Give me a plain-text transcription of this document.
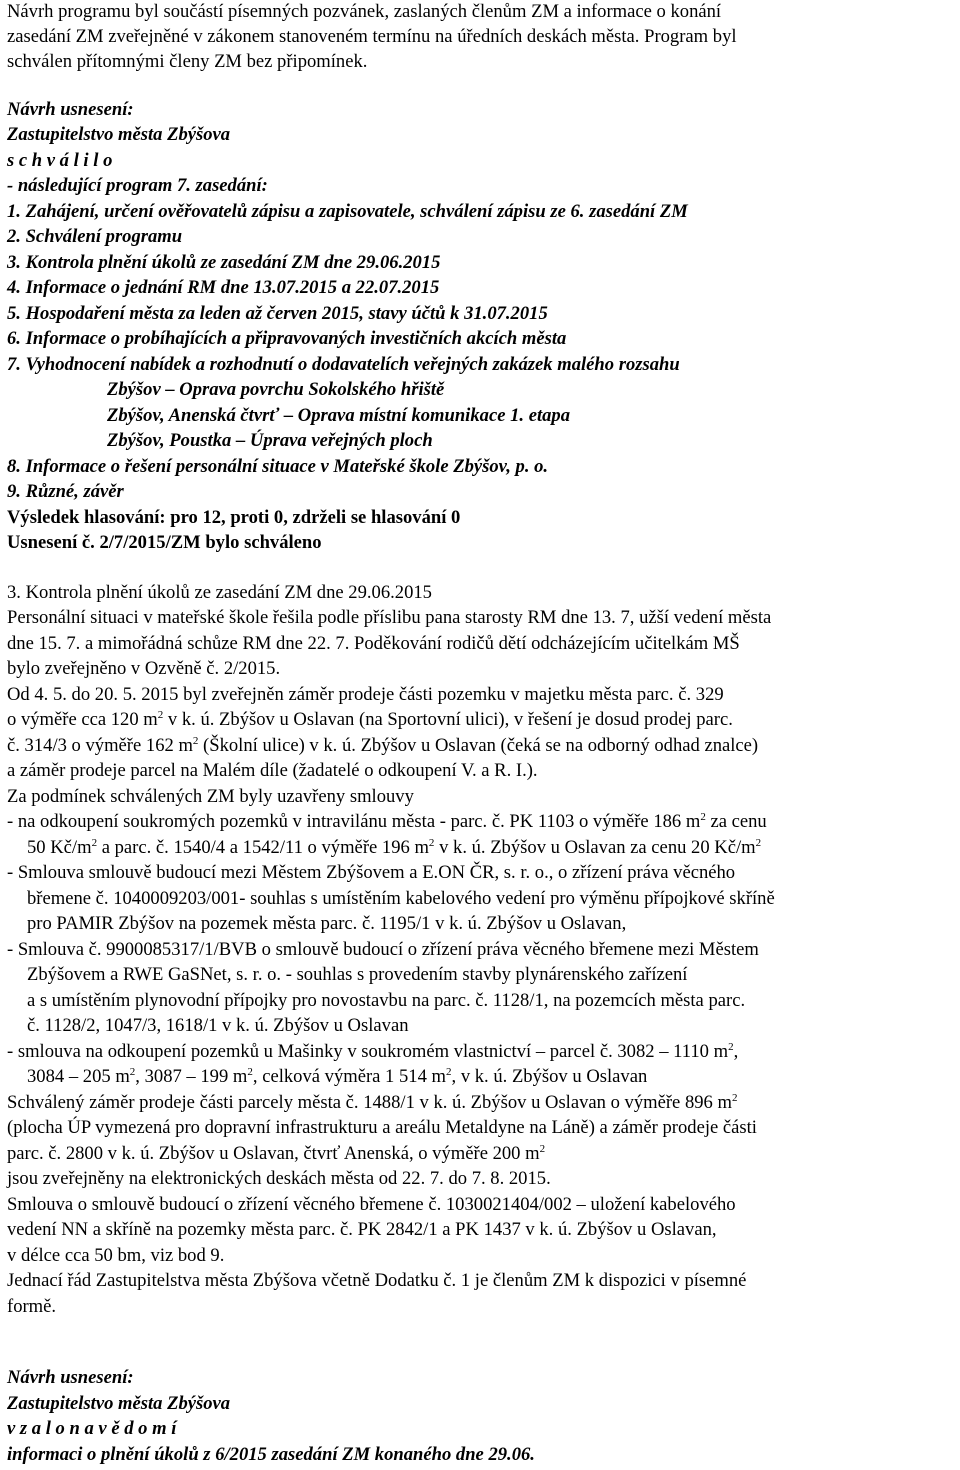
Návrh programu byl součástí písemných pozvánek, zaslaných členům ZM a informace o konání
zasedání ZM zveřejněné v zákonem stanoveném termínu na úředních deskách města. Program byl
schválen přítomnými členy ZM bez připomínek.
Návrh usnesení:
Zastupitelstvo města Zbýšova
s c h v á l i l o
- následující program 7. zasedání:
1. Zahájení, určení ověřovatelů zápisu a zapisovatele, schválení zápisu ze 6. zasedání ZM
2. Schválení programu
3. Kontrola plnění úkolů ze zasedání ZM dne 29.06.2015
4. Informace o jednání RM dne 13.07.2015 a 22.07.2015
5. Hospodaření města za leden až červen 2015, stavy účtů k 31.07.2015
6. Informace o probíhajících a připravovaných investičních akcích města
7. Vyhodnocení nabídek a rozhodnutí o dodavatelích veřejných zakázek malého rozsahu
Zbýšov – Oprava povrchu Sokolského hřiště
Zbýšov, Anenská čtvrť – Oprava místní komunikace 1. etapa
Zbýšov, Poustka – Úprava veřejných ploch
8. Informace o řešení personální situace v Mateřské škole Zbýšov, p. o.
9. Různé, závěr
Výsledek hlasování: pro 12, proti 0, zdrželi se hlasování 0
Usnesení č. 2/7/2015/ZM bylo schváleno
3. Kontrola plnění úkolů ze zasedání ZM dne 29.06.2015
Personální situaci v mateřské škole řešila podle příslibu pana starosty RM dne 13. 7, užší vedení města
dne 15. 7. a mimořádná schůze RM dne 22. 7. Poděkování rodičů dětí odcházejícím učitelkám MŠ
bylo zveřejněno v Ozvěně č. 2/2015.
Od 4. 5. do 20. 5. 2015 byl zveřejněn záměr prodeje části pozemku v majetku města parc. č. 329
o výměře cca 120 $m^2$ v k. ú. Zbýšov u Oslavan (na Sportovní ulici), v řešení je dosud prodej parc.
č. 314/3 o výměře 162 $m^2$ (Školní ulice) v k. ú. Zbýšov u Oslavan (čeká se na odborný odhad znalce)
a záměr prodeje parcel na Malém díle (žadatelé o odkoupení V. a R. I.).
Za podmínek schválených ZM byly uzavřeny smlouvy
- na odkoupení soukromých pozemků v intravilánu města - parc. č. PK 1103 o výměře 186 $m^2$ za cenu
50 $Kč/m^2$ a parc. č. 1540/4 a 1542/11 o výměře 196 $m^2$ v k. ú. Zbýšov u Oslavan za cenu 20 $Kč/m^2$
- Smlouva smlouvě budoucí mezi Městem Zbýšovem a E.ON ČR, s. r. o., o zřízení práva věcného
břemene č. 1040009203/001- souhlas s umístěním kabelového vedení pro výměnu přípojkové skříně
pro PAMIR Zbýšov na pozemek města parc. č. 1195/1 v k. ú. Zbýšov u Oslavan,
- Smlouva č. 9900085317/1/BVB o smlouvě budoucí o zřízení práva věcného břemene mezi Městem
Zbýšovem a RWE GaSNet, s. r. o. - souhlas s provedením stavby plynárenského zařízení
a s umístěním plynovodní přípojky pro novostavbu na parc. č. 1128/1, na pozemcích města parc.
č. 1128/2, 1047/3, 1618/1 v k. ú. Zbýšov u Oslavan
- smlouva na odkoupení pozemků u Mašinky v soukromém vlastnictví – parcel č. 3082 – 1110 $m^2$,
3084 – 205 $m^2$, 3087 – 199 $m^2$, celková výměra 1 514 $m^2$, v k. ú. Zbýšov u Oslavan
Schválený záměr prodeje části parcely města č. 1488/1 v k. ú. Zbýšov u Oslavan o výměře 896 $m^2$
(plocha ÚP vymezená pro dopravní infrastrukturu a areálu Metaldyne na Láně) a záměr prodeje části
parc. č. 2800 v k. ú. Zbýšov u Oslavan, čtvrť Anenská, o výměře 200 $m^2$
jsou zveřejněny na elektronických deskách města od 22. 7. do 7. 8. 2015.
Smlouva o smlouvě budoucí o zřízení věcného břemene č. 1030021404/002 – uložení kabelového
vedení NN a skříně na pozemky města parc. č. PK 2842/1 a PK 1437 v k. ú. Zbýšov u Oslavan,
v délce cca 50 bm, viz bod 9.
Jednací řád Zastupitelstva města Zbýšova včetně Dodatku č. 1 je členům ZM k dispozici v písemné
formě.
Návrh usnesení:
Zastupitelstvo města Zbýšova
v z a l o n a v ě d o m í
informaci o plnění úkolů z 6/2015 zasedání ZM konaného dne 29.06.
